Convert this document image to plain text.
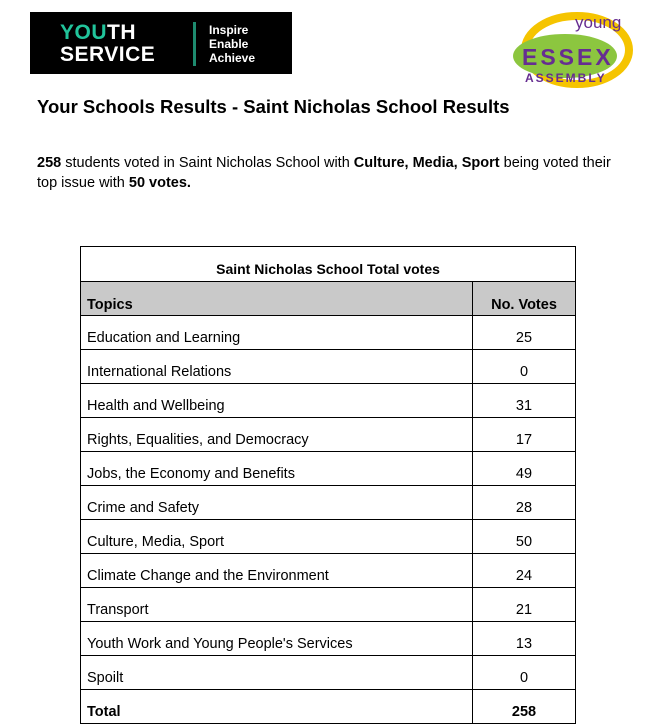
YOUTH
SERVICE
Inspire
Enable
Achieve
young
ESSEX
ASSEMBLY
Your Schools Results - Saint Nicholas School Results

258 students voted in Saint Nicholas School with Culture, Media, Sport being voted their top issue with 50 votes.

Saint Nicholas School Total votes	
Topics	No. Votes
Education and Learning	25
International Relations	0
Health and Wellbeing	31
Rights, Equalities, and Democracy	17
Jobs, the Economy and Benefits	49
Crime and Safety	28
Culture, Media, Sport	50
Climate Change and the Environment	24
Transport	21
Youth Work and Young People's Services	13
Spoilt	0
Total	258
